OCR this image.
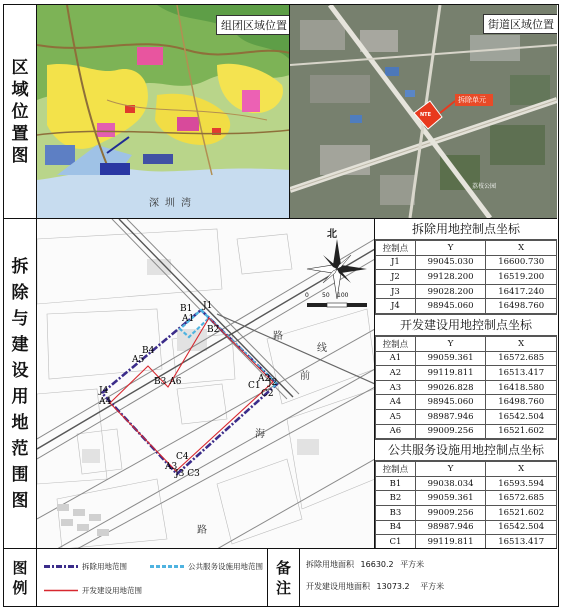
区
域
位
置
图
拆
除
与
建
设
用
地
范
围
图
组团区域位置
深圳湾
街道区域位置
NTE
拆除单元
荔枝公园
北
0 50 100
路
路
海
前
线
B1
A1
B2
J1
B4
A5
B3 A6	C1
A2
J2
C2
J4
A4
C4
A3
J3 C3
拆除用地控制点坐标
控制点	Y	X
J1	99045.030	16600.730
J2	99128.200	16519.200
J3	99028.200	16417.240
J4	98945.060	16498.760
开发建设用地控制点坐标
控制点	Y	X
A1	99059.361	16572.685
A2	99119.811	16513.417
A3	99026.828	16418.580
A4	98945.060	16498.760
A5	98987.946	16542.504
A6	99009.256	16521.602
公共服务设施用地控制点坐标
控制点	Y	X
B1	99038.034	16593.594
B2	99059.361	16572.685
B3	99009.256	16521.602
B4	98987.946	16542.504
C1	99119.811	16513.417

图
例
拆除用地范围	公共服务设施用地范围
开发建设用地范围
备
注
拆除用地面积 16630.2 平方米
开发建设用地面积 13073.2 平方米
